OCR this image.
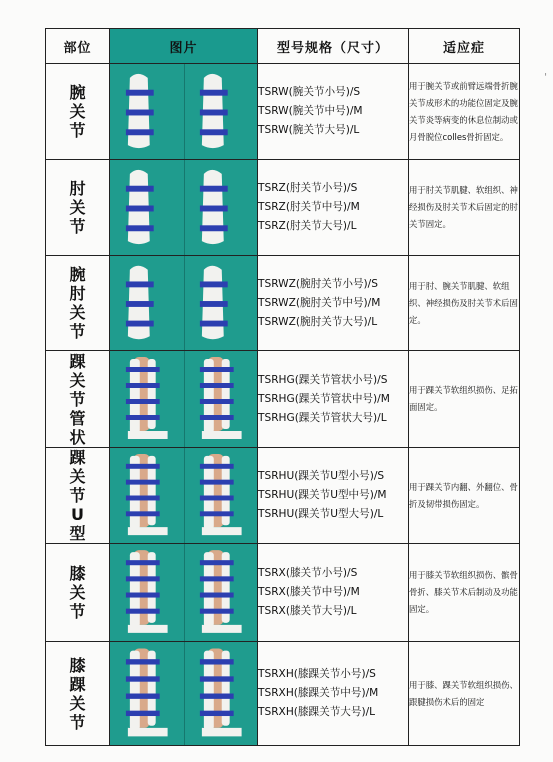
'
部位	图片	型号规格（尺寸）	适应症

腕关节		TSRW(腕关节小号)/S
TSRW(腕关节中号)/M
TSRW(腕关节大号)/L	用于腕关节或前臂远端骨折腕关节成形术的功能位固定及腕关节炎等病变的休息位制动或月骨脱位colles骨折固定。

肘关节		TSRZ(肘关节小号)/S
TSRZ(肘关节中号)/M
TSRZ(肘关节大号)/L	用于肘关节肌腱、软组织、神经损伤及肘关节术后固定的肘关节固定。

腕肘关节		TSRWZ(腕肘关节小号)/S
TSRWZ(腕肘关节中号)/M
TSRWZ(腕肘关节大号)/L	用于肘、腕关节肌腱、软组织、神经损伤及肘关节术后固定。

踝关节管状		TSRHG(踝关节管状小号)/S
TSRHG(踝关节管状中号)/M
TSRHG(踝关节管状大号)/L	用于踝关节软组织损伤、足拓面固定。

踝关节U型		TSRHU(踝关节U型小号)/S
TSRHU(踝关节U型中号)/M
TSRHU(踝关节U型大号)/L	用于踝关节内翻、外翻位、骨折及韧带损伤固定。

膝关节		TSRX(膝关节小号)/S
TSRX(膝关节中号)/M
TSRX(膝关节大号)/L	用于膝关节软组织损伤、髌骨骨折、膝关节术后制动及功能固定。

膝踝关节		TSRXH(膝踝关节小号)/S
TSRXH(膝踝关节中号)/M
TSRXH(膝踝关节大号)/L	用于膝、踝关节软组织损伤、跟腱损伤术后的固定
